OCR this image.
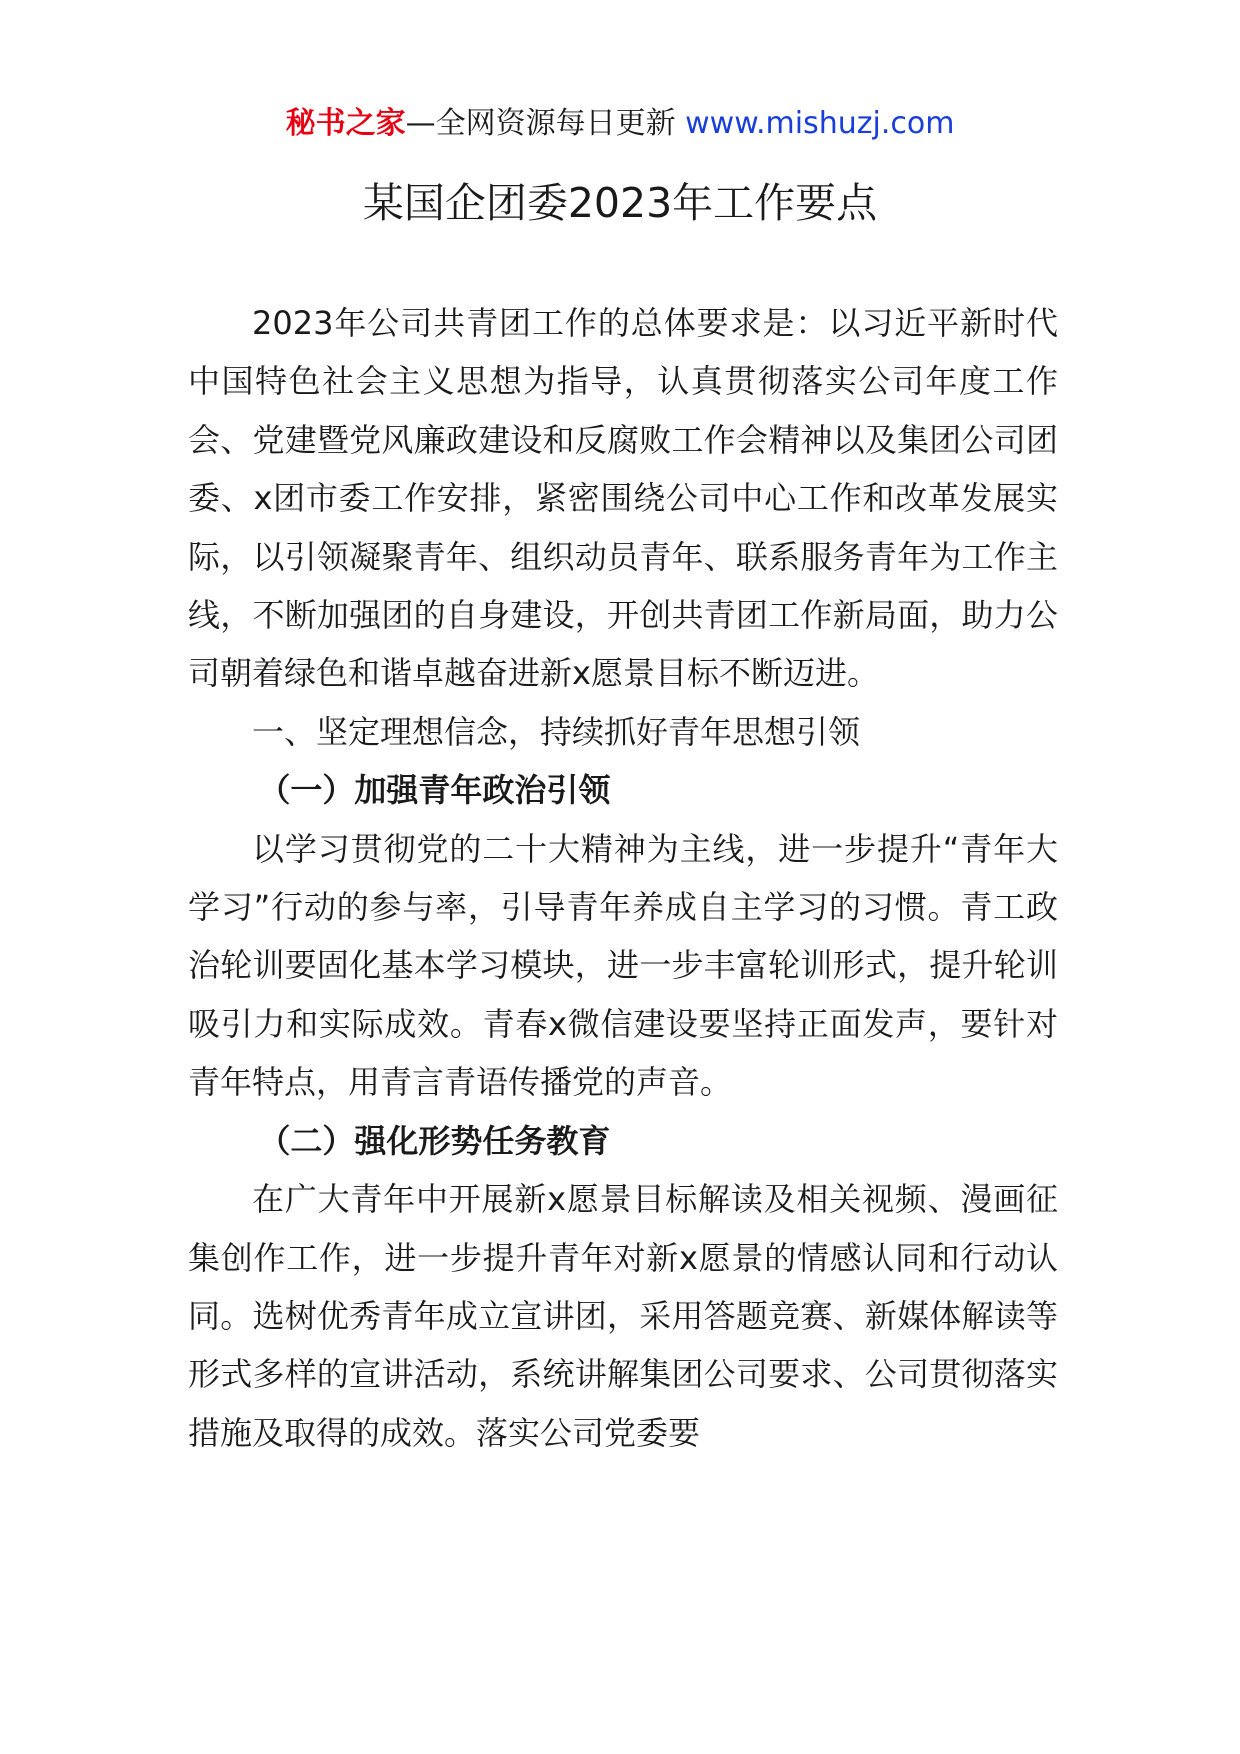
秘书之家—全网资源每日更新 www.mishuzj.com
某国企团委2023年工作要点

2023年公司共青团工作的总体要求是：以习近平新时代中国特色社会主义思想为指导，认真贯彻落实公司年度工作会、党建暨党风廉政建设和反腐败工作会精神以及集团公司团委、x团市委工作安排，紧密围绕公司中心工作和改革发展实际，以引领凝聚青年、组织动员青年、联系服务青年为工作主线，不断加强团的自身建设，开创共青团工作新局面，助力公司朝着绿色和谐卓越奋进新x愿景目标不断迈进。

一、坚定理想信念，持续抓好青年思想引领

（一）加强青年政治引领

以学习贯彻党的二十大精神为主线，进一步提升“青年大学习”行动的参与率，引导青年养成自主学习的习惯。青工政治轮训要固化基本学习模块，进一步丰富轮训形式，提升轮训吸引力和实际成效。青春x微信建设要坚持正面发声，要针对青年特点，用青言青语传播党的声音。

（二）强化形势任务教育

在广大青年中开展新x愿景目标解读及相关视频、漫画征集创作工作，进一步提升青年对新x愿景的情感认同和行动认同。选树优秀青年成立宣讲团，采用答题竞赛、新媒体解读等形式多样的宣讲活动，系统讲解集团公司要求、公司贯彻落实措施及取得的成效。落实公司党委要
